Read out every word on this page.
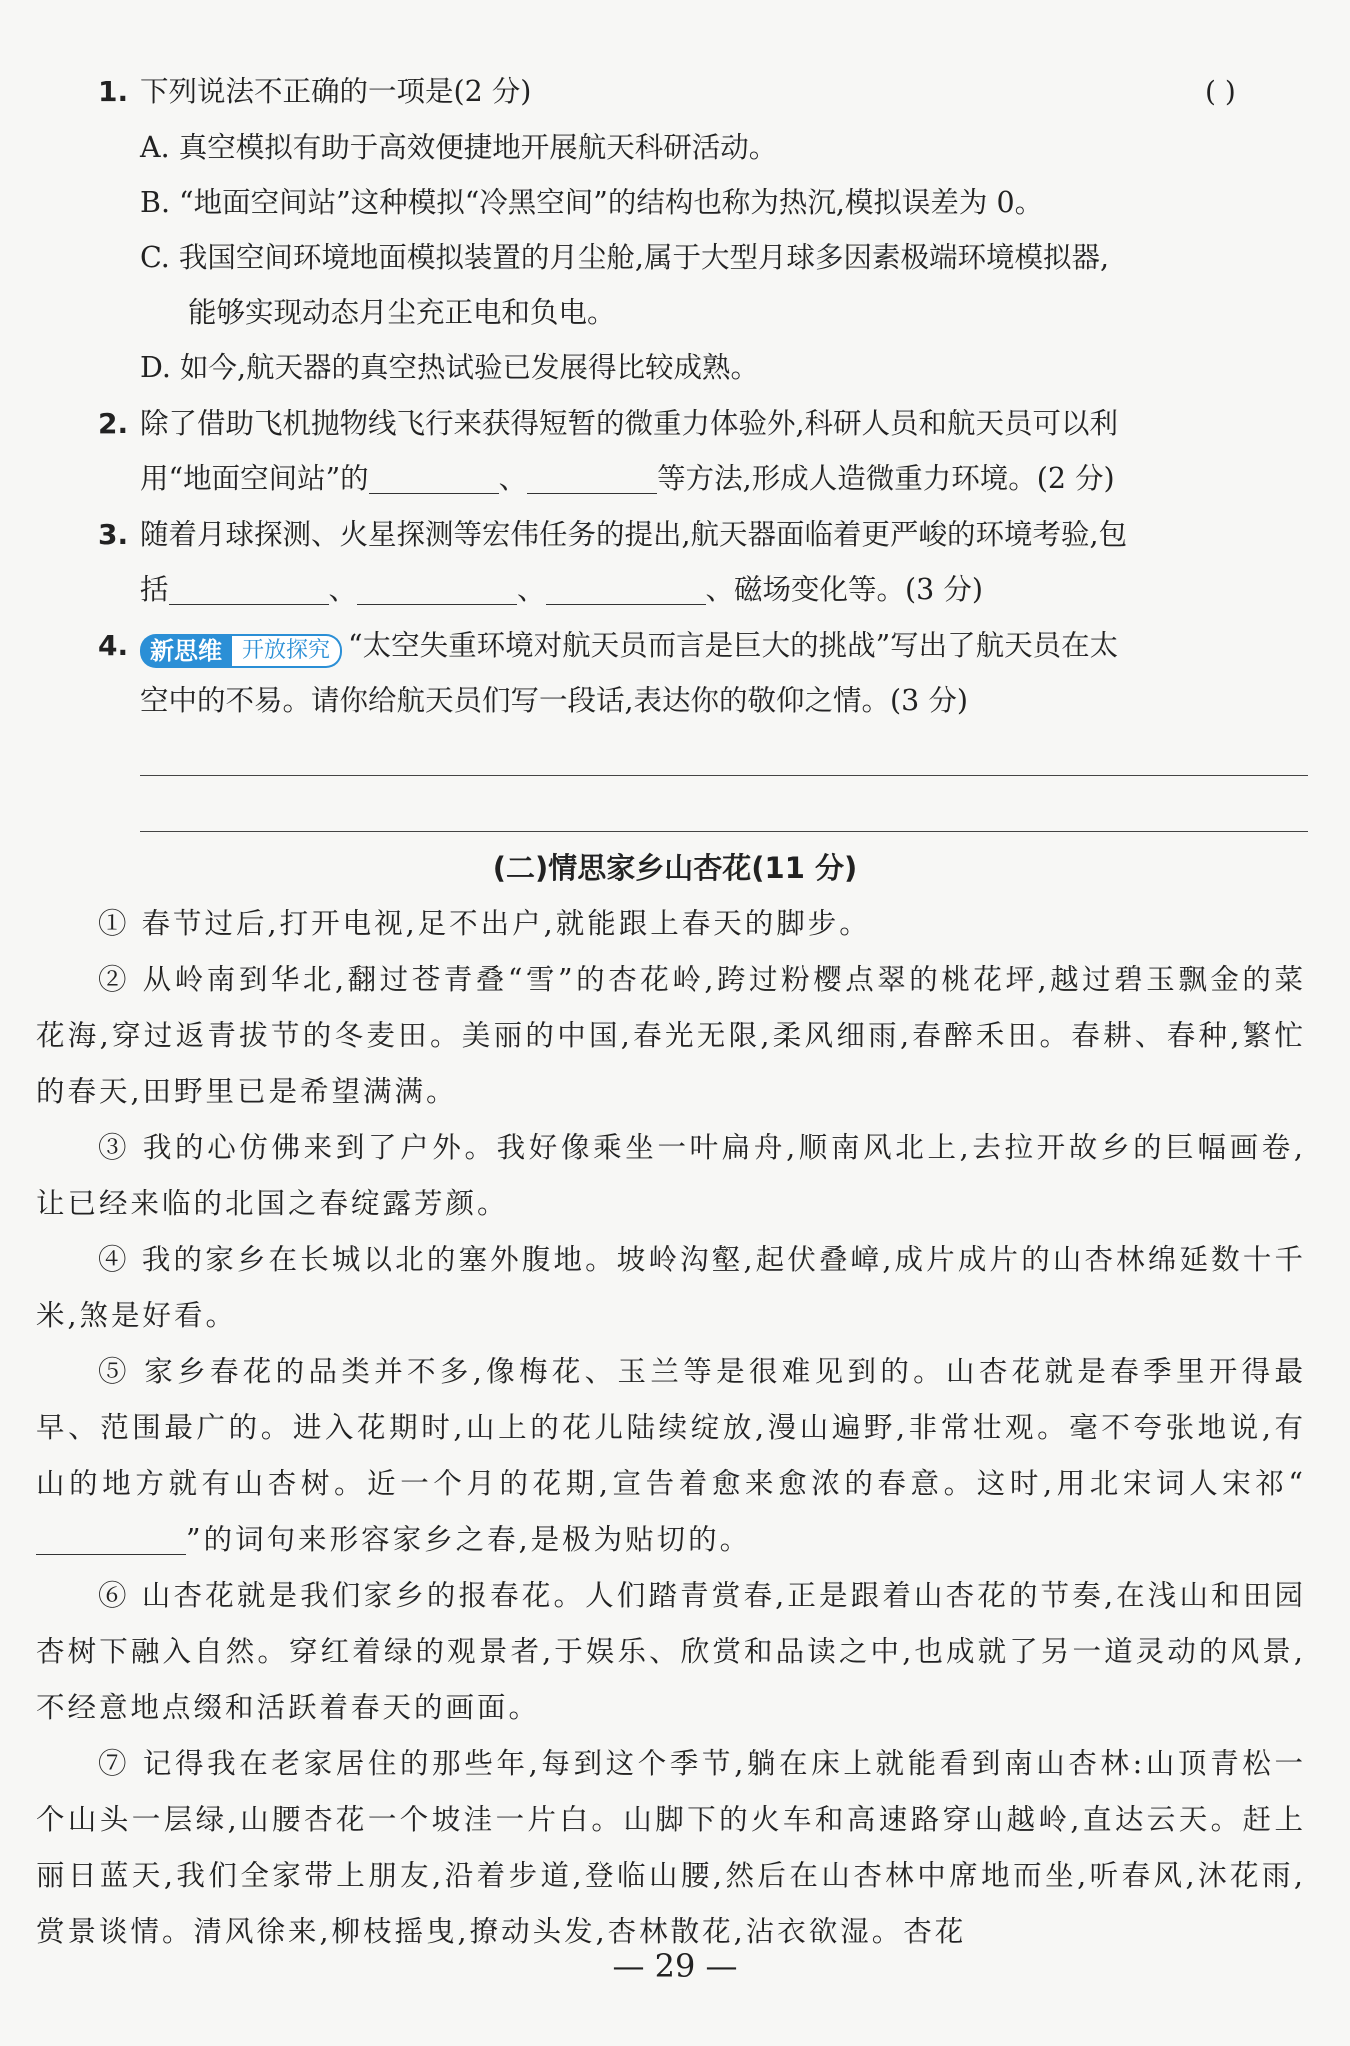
1. 下列说法不正确的一项是(2 分)	( )
A. 真空模拟有助于高效便捷地开展航天科研活动。
B. “地面空间站”这种模拟“冷黑空间”的结构也称为热沉,模拟误差为 0。
C. 我国空间环境地面模拟装置的月尘舱,属于大型月球多因素极端环境模拟器,
能够实现动态月尘充正电和负电。
D. 如今,航天器的真空热试验已发展得比较成熟。
2. 除了借助飞机抛物线飞行来获得短暂的微重力体验外,科研人员和航天员可以利
用“地面空间站”的	、	等方法,形成人造微重力环境。(2 分)
3. 随着月球探测、火星探测等宏伟任务的提出,航天器面临着更严峻的环境考验,包
括	、	、	、磁场变化等。(3 分)
4. 新思维 开放探究 “太空失重环境对航天员而言是巨大的挑战”写出了航天员在太
空中的不易。请你给航天员们写一段话,表达你的敬仰之情。(3 分)
(二)情思家乡山杏花(11 分)
① 春节过后,打开电视,足不出户,就能跟上春天的脚步。
② 从岭南到华北,翻过苍青叠“雪”的杏花岭,跨过粉樱点翠的桃花坪,越过碧玉飘金的菜花海,穿过返青拔节的冬麦田。美丽的中国,春光无限,柔风细雨,春醉禾田。春耕、春种,繁忙的春天,田野里已是希望满满。
③ 我的心仿佛来到了户外。我好像乘坐一叶扁舟,顺南风北上,去拉开故乡的巨幅画卷,让已经来临的北国之春绽露芳颜。
④ 我的家乡在长城以北的塞外腹地。坡岭沟壑,起伏叠嶂,成片成片的山杏林绵延数十千米,煞是好看。
⑤ 家乡春花的品类并不多,像梅花、玉兰等是很难见到的。山杏花就是春季里开得最早、范围最广的。进入花期时,山上的花儿陆续绽放,漫山遍野,非常壮观。毫不夸张地说,有山的地方就有山杏树。近一个月的花期,宣告着愈来愈浓的春意。这时,用北宋词人宋祁“”的词句来形容家乡之春,是极为贴切的。
⑥ 山杏花就是我们家乡的报春花。人们踏青赏春,正是跟着山杏花的节奏,在浅山和田园杏树下融入自然。穿红着绿的观景者,于娱乐、欣赏和品读之中,也成就了另一道灵动的风景,不经意地点缀和活跃着春天的画面。
⑦ 记得我在老家居住的那些年,每到这个季节,躺在床上就能看到南山杏林:山顶青松一个山头一层绿,山腰杏花一个坡洼一片白。山脚下的火车和高速路穿山越岭,直达云天。赶上丽日蓝天,我们全家带上朋友,沿着步道,登临山腰,然后在山杏林中席地而坐,听春风,沐花雨,赏景谈情。清风徐来,柳枝摇曳,撩动头发,杏林散花,沾衣欲湿。杏花
— 29 —
